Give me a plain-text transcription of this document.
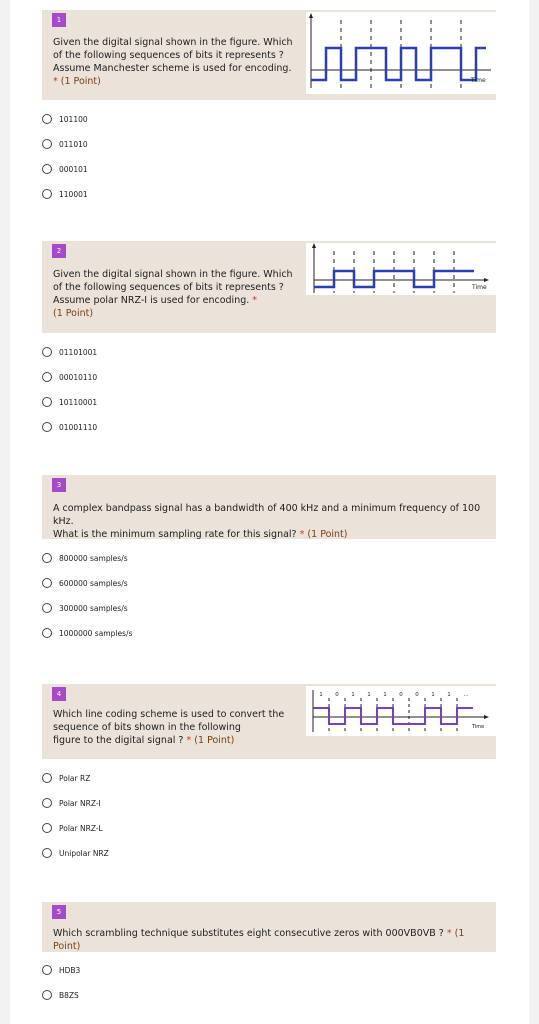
1
Given the digital signal shown in the figure. Which
of the following sequences of bits it represents ?
Assume Manchester scheme is used for encoding.
* (1 Point)	Time
101100
011010
000101
110001
2
Given the digital signal shown in the figure. Which
of the following sequences of bits it represents ?
Assume polar NRZ-I is used for encoding. *
(1 Point)
Time
01101001
00010110
10110001
01001110
3
A complex bandpass signal has a bandwidth of 400 kHz and a minimum frequency of 100 kHz.
What is the minimum sampling rate for this signal? * (1 Point)
800000 samples/s
600000 samples/s
300000 samples/s
1000000 samples/s
4
Which line coding scheme is used to convert the
sequence of bits shown in the following
figure to the digital signal ? * (1 Point)
1 0 1 1 1 0 0 1 1 ...
Time
Polar RZ
Polar NRZ-I
Polar NRZ-L
Unipolar NRZ
5
Which scrambling technique substitutes eight consecutive zeros with 000VB0VB ? * (1 Point)
HDB3
B8ZS
